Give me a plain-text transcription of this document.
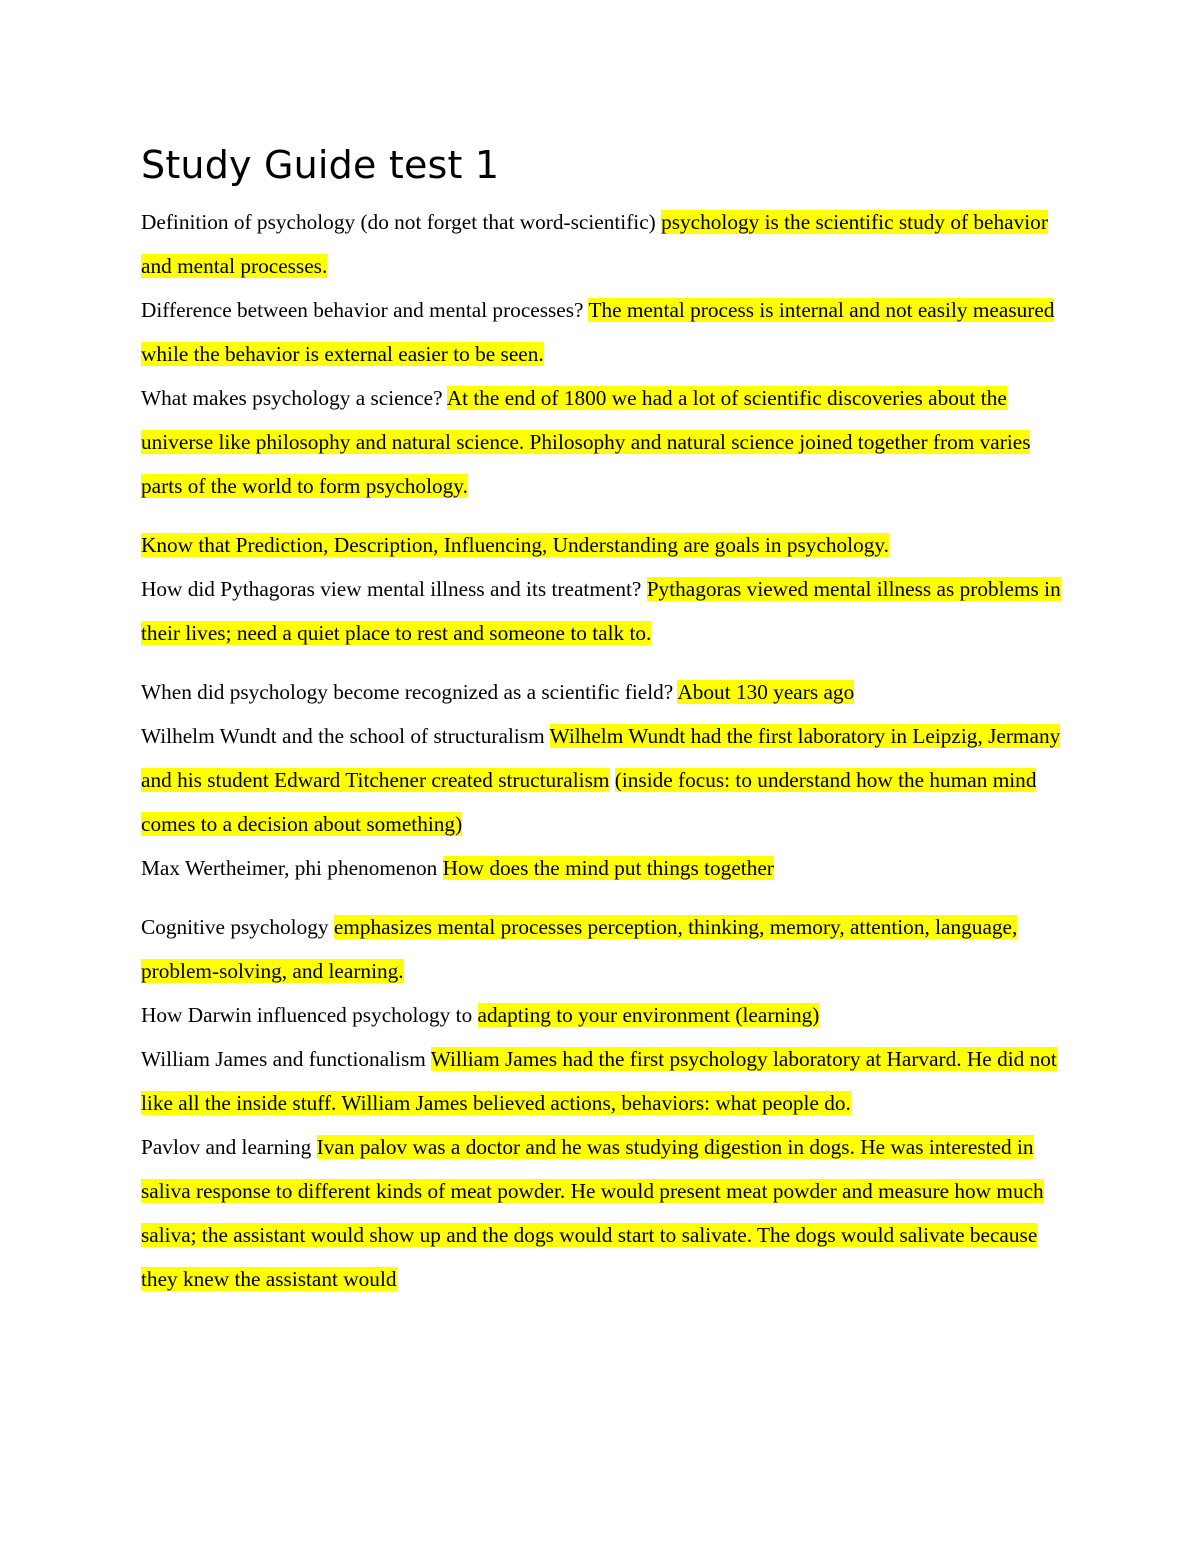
Study Guide test 1

Definition of psychology (do not forget that word-scientific) psychology is the scientific study of behavior and mental processes.

Difference between behavior and mental processes? The mental process is internal and not easily measured while the behavior is external easier to be seen.

What makes psychology a science? At the end of 1800 we had a lot of scientific discoveries about the universe like philosophy and natural science. Philosophy and natural science joined together from varies parts of the world to form psychology.

Know that Prediction, Description, Influencing, Understanding are goals in psychology.

How did Pythagoras view mental illness and its treatment? Pythagoras viewed mental illness as problems in their lives; need a quiet place to rest and someone to talk to.

When did psychology become recognized as a scientific field? About 130 years ago

Wilhelm Wundt and the school of structuralism Wilhelm Wundt had the first laboratory in Leipzig, Jermany and his student Edward Titchener created structuralism (inside focus: to understand how the human mind comes to a decision about something)

Max Wertheimer, phi phenomenon How does the mind put things together

Cognitive psychology emphasizes mental processes perception, thinking, memory, attention, language, problem-solving, and learning.

How Darwin influenced psychology to adapting to your environment (learning)

William James and functionalism William James had the first psychology laboratory at Harvard. He did not like all the inside stuff. William James believed actions, behaviors: what people do.

Pavlov and learning Ivan palov was a doctor and he was studying digestion in dogs. He was interested in saliva response to different kinds of meat powder. He would present meat powder and measure how much saliva; the assistant would show up and the dogs would start to salivate. The dogs would salivate because they knew the assistant would
